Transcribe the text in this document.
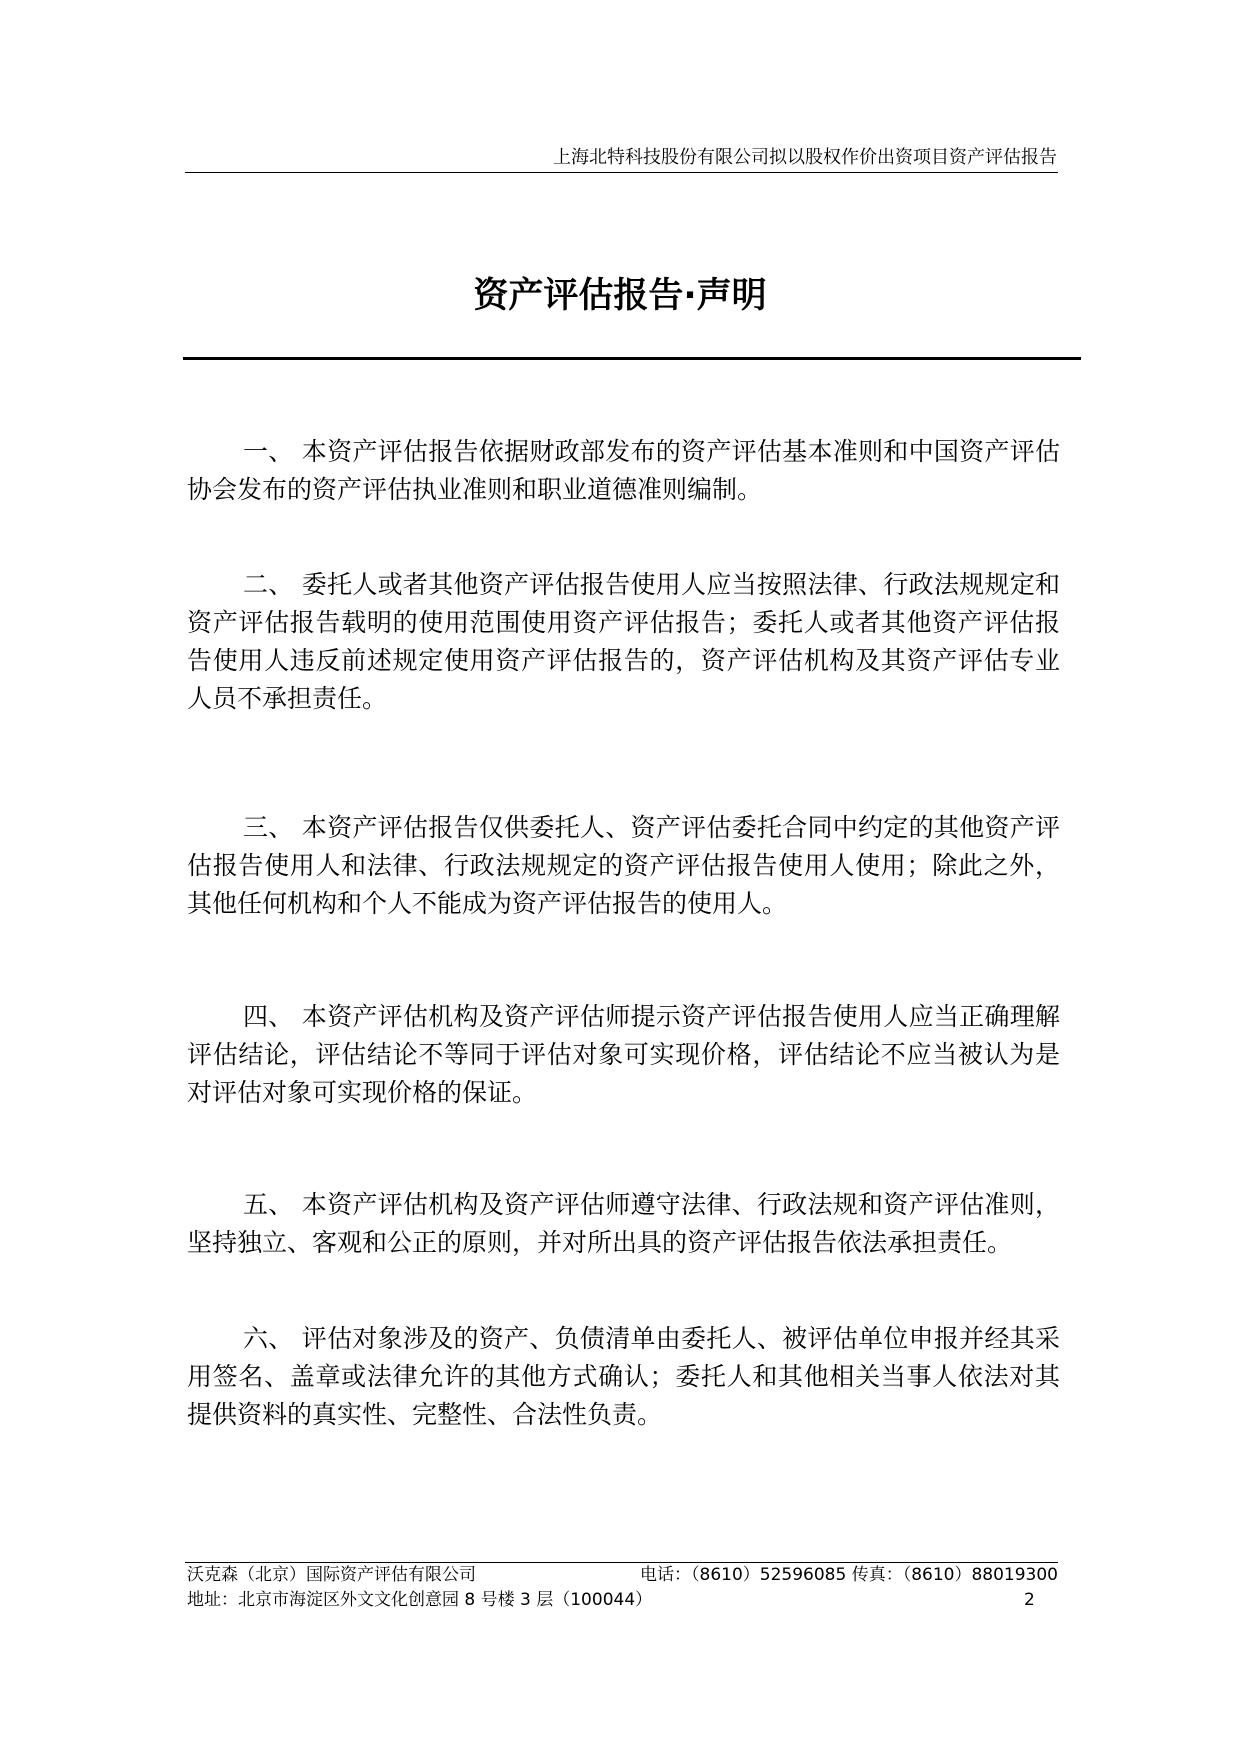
上海北特科技股份有限公司拟以股权作价出资项目资产评估报告
资产评估报告·声明

一、 本资产评估报告依据财政部发布的资产评估基本准则和中国资产评估协会发布的资产评估执业准则和职业道德准则编制。

二、 委托人或者其他资产评估报告使用人应当按照法律、行政法规规定和资产评估报告载明的使用范围使用资产评估报告；委托人或者其他资产评估报告使用人违反前述规定使用资产评估报告的，资产评估机构及其资产评估专业人员不承担责任。

三、 本资产评估报告仅供委托人、资产评估委托合同中约定的其他资产评估报告使用人和法律、行政法规规定的资产评估报告使用人使用；除此之外，其他任何机构和个人不能成为资产评估报告的使用人。

四、 本资产评估机构及资产评估师提示资产评估报告使用人应当正确理解评估结论，评估结论不等同于评估对象可实现价格，评估结论不应当被认为是对评估对象可实现价格的保证。

五、 本资产评估机构及资产评估师遵守法律、行政法规和资产评估准则，坚持独立、客观和公正的原则，并对所出具的资产评估报告依法承担责任。

六、 评估对象涉及的资产、负债清单由委托人、被评估单位申报并经其采用签名、盖章或法律允许的其他方式确认；委托人和其他相关当事人依法对其提供资料的真实性、完整性、合法性负责。

沃克森（北京）国际资产评估有限公司	电话：（8610）52596085 传真：（8610）88019300
地址：北京市海淀区外文文化创意园 8 号楼 3 层（100044）	2
